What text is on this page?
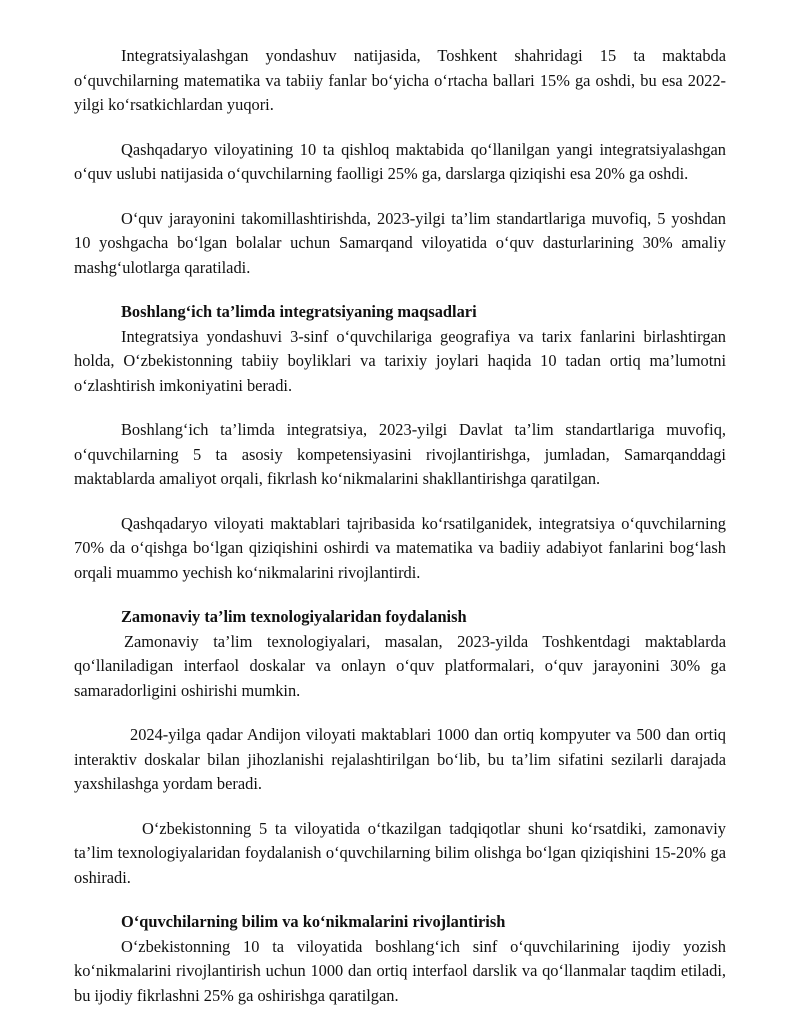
Integratsiyalashgan yondashuv natijasida, Toshkent shahridagi 15 ta maktabda o‘quvchilarning matematika va tabiiy fanlar bo‘yicha o‘rtacha ballari 15% ga oshdi, bu esa 2022-yilgi ko‘rsatkichlardan yuqori.

Qashqadaryo viloyatining 10 ta qishloq maktabida qo‘llanilgan yangi integratsiyalashgan o‘quv uslubi natijasida o‘quvchilarning faolligi 25% ga, darslarga qiziqishi esa 20% ga oshdi.

O‘quv jarayonini takomillashtirishda, 2023-yilgi ta’lim standartlariga muvofiq, 5 yoshdan 10 yoshgacha bo‘lgan bolalar uchun Samarqand viloyatida o‘quv dasturlarining 30% amaliy mashg‘ulotlarga qaratiladi.

Boshlang‘ich ta’limda integratsiyaning maqsadlari

Integratsiya yondashuvi 3-sinf o‘quvchilariga geografiya va tarix fanlarini birlashtirgan holda, O‘zbekistonning tabiiy boyliklari va tarixiy joylari haqida 10 tadan ortiq ma’lumotni o‘zlashtirish imkoniyatini beradi.

Boshlang‘ich ta’limda integratsiya, 2023-yilgi Davlat ta’lim standartlariga muvofiq, o‘quvchilarning 5 ta asosiy kompetensiyasini rivojlantirishga, jumladan, Samarqanddagi maktablarda amaliyot orqali, fikrlash ko‘nikmalarini shakllantirishga qaratilgan.

Qashqadaryo viloyati maktablari tajribasida ko‘rsatilganidek, integratsiya o‘quvchilarning 70% da o‘qishga bo‘lgan qiziqishini oshirdi va matematika va badiiy adabiyot fanlarini bog‘lash orqali muammo yechish ko‘nikmalarini rivojlantirdi.

Zamonaviy ta’lim texnologiyalaridan foydalanish

Zamonaviy ta’lim texnologiyalari, masalan, 2023-yilda Toshkentdagi maktablarda qo‘llaniladigan interfaol doskalar va onlayn o‘quv platformalari, o‘quv jarayonini 30% ga samaradorligini oshirishi mumkin.

2024-yilga qadar Andijon viloyati maktablari 1000 dan ortiq kompyuter va 500 dan ortiq interaktiv doskalar bilan jihozlanishi rejalashtirilgan bo‘lib, bu ta’lim sifatini sezilarli darajada yaxshilashga yordam beradi.

O‘zbekistonning 5 ta viloyatida o‘tkazilgan tadqiqotlar shuni ko‘rsatdiki, zamonaviy ta’lim texnologiyalaridan foydalanish o‘quvchilarning bilim olishga bo‘lgan qiziqishini 15-20% ga oshiradi.

O‘quvchilarning bilim va ko‘nikmalarini rivojlantirish

O‘zbekistonning 10 ta viloyatida boshlang‘ich sinf o‘quvchilarining ijodiy yozish ko‘nikmalarini rivojlantirish uchun 1000 dan ortiq interfaol darslik va qo‘llanmalar taqdim etiladi, bu ijodiy fikrlashni 25% ga oshirishga qaratilgan.
